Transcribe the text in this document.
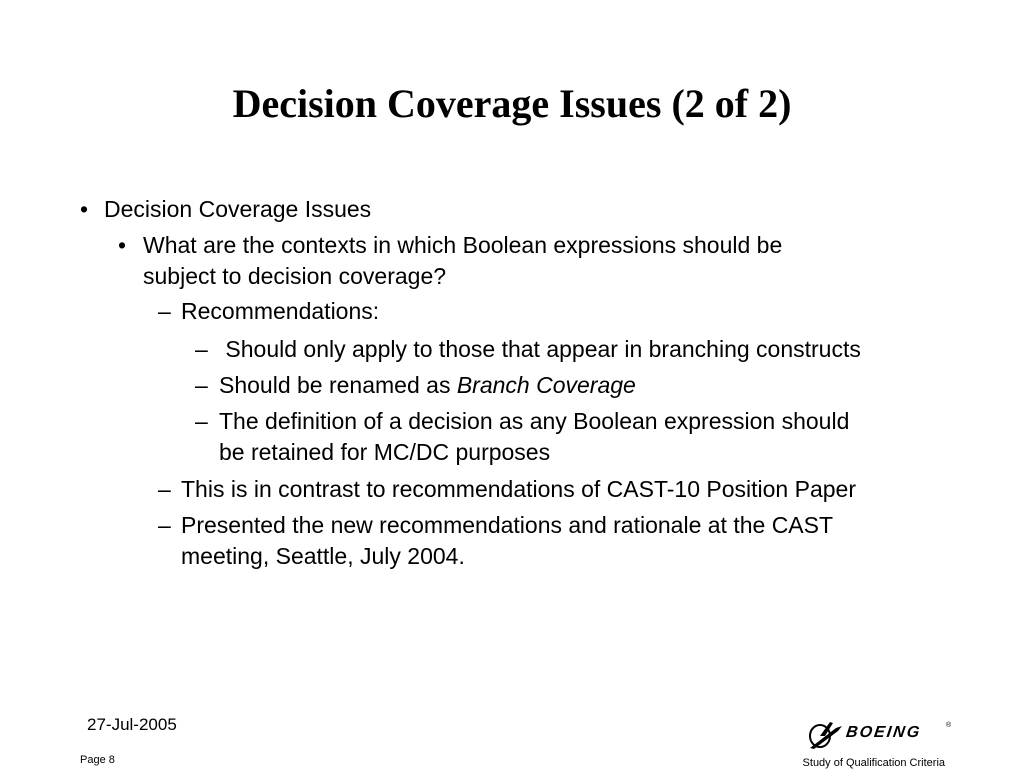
Decision Coverage Issues (2 of 2)
• Decision Coverage Issues
• What are the contexts in which Boolean expressions should be
subject to decision coverage?
– Recommendations:
– Should only apply to those that appear in branching constructs
– Should be renamed as Branch Coverage
– The definition of a decision as any Boolean expression should
be retained for MC/DC purposes
– This is in contrast to recommendations of CAST-10 Position Paper
– Presented the new recommendations and rationale at the CAST
meeting, Seattle, July 2004.
27-Jul-2005
Page 8
BOEING	®
Study of Qualification Criteria
